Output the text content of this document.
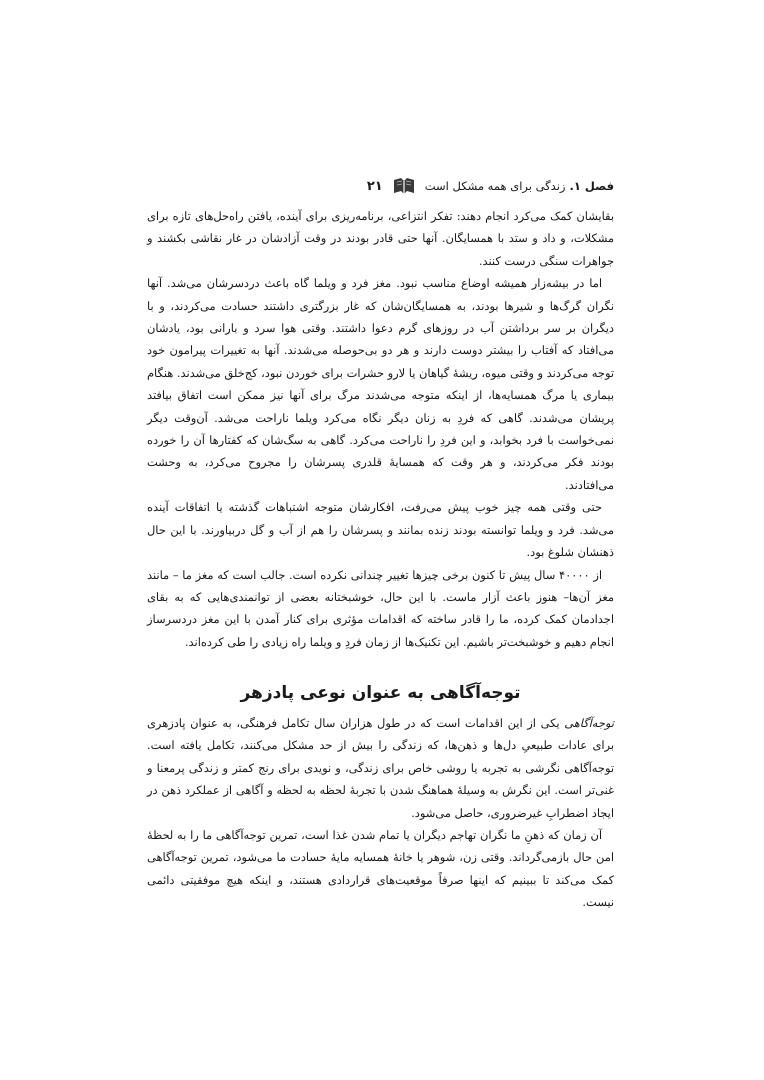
فصل ۱.
زندگی برای همه مشکل است
۲۱

بقایشان کمک می‌کرد انجام دهند: تفکر انتزاعی، برنامه‌ریزی برای آینده، یافتن راه‌حل‌های تازه برای مشکلات، و داد و ستد با همسایگان. آنها حتی قادر بودند در وقت آزادشان در غار نقاشی بکشند و جواهرات سنگی درست کنند.

اما در بیشه‌زار همیشه اوضاع مناسب نبود. مغز فرد و ویلما گاه باعث دردسرشان می‌شد. آنها نگران گرگ‌ها و شیرها بودند، به همسایگان‌شان که غار بزرگتری داشتند حسادت می‌کردند، و با دیگران بر سر برداشتن آب در روزهای گرم دعوا داشتند. وقتی هوا سرد و بارانی بود، یادشان می‌افتاد که آفتاب را بیشتر دوست دارند و هر دو بی‌حوصله می‌شدند. آنها به تغییرات پیرامون خود توجه می‌کردند و وقتی میوه، ریشهٔ گیاهان یا لارو حشرات برای خوردن نبود، کج‌خلق می‌شدند. هنگام بیماری یا مرگ همسایه‌ها، از اینکه متوجه می‌شدند مرگ برای آنها نیز ممکن است اتفاق بیافتد پریشان می‌شدند. گاهی که فردِ به زنان دیگر نگاه می‌کرد ویلما ناراحت می‌شد. آن‌وقت دیگر نمی‌خواست با فرد بخوابد، و این فردِ را ناراحت می‌کرد. گاهی به سگ‌شان که کفتارها آن را خورده بودند فکر می‌کردند، و هر وقت که همسایهٔ قلدری پسرشان را مجروح می‌کرد، به وحشت می‌افتادند.

حتی وقتی همه چیز خوب پیش می‌رفت، افکارشان متوجه اشتباهات گذشته یا اتفاقات آینده می‌شد. فرد و ویلما توانسته بودند زنده بمانند و پسرشان را هم از آب و گل دربیاورند. با این حال ذهنشان شلوغ بود.

از ۴۰۰۰۰ سال پیش تا کنون برخی چیزها تغییر چندانی نکرده است. جالب است که مغز ما – مانند مغز آن‌ها– هنوز باعث آزار ماست. با این حال، خوشبختانه بعضی از توانمندی‌هایی که به بقای اجدادمان کمک کرده، ما را قادر ساخته که اقدامات مؤثری برای کنار آمدن با این مغز دردسرساز انجام دهیم و خوشبخت‌تر باشیم. این تکنیک‌ها از زمان فردِ و ویلما راه زیادی را طی کرده‌اند.

توجه‌آگاهی به عنوان نوعی پادزهر

توجه‌آگاهی یکی از این اقدامات است که در طول هزاران سال تکامل فرهنگی، به عنوان پادزهری برای عادات طبیعیِ دل‌ها و ذهن‌ها، که زندگی را بیش از حد مشکل می‌کنند، تکامل یافته است. توجه‌آگاهی نگرشی به تجربه یا روشی خاص برای زندگی، و نویدی برای رنج کمتر و زندگی پرمعنا و غنی‌تر است. این نگرش به وسیلهٔ هماهنگ شدن با تجربهٔ لحظه به لحظه و آگاهی از عملکرد ذهن در ایجاد اضطرابِ غیرضروری، حاصل می‌شود.

آن زمان که ذهنِ ما نگران تهاجم دیگران یا تمام شدن غذا است، تمرین توجه‌آگاهی ما را به لحظهٔ امن حال بازمی‌گرداند. وقتی زن، شوهر یا خانهٔ همسایه مایهٔ حسادت ما می‌شود، تمرین توجه‌آگاهی کمک می‌کند تا ببینیم که اینها صرفاً موقعیت‌های قراردادی هستند، و اینکه هیچ موفقیتی دائمی نیست.
